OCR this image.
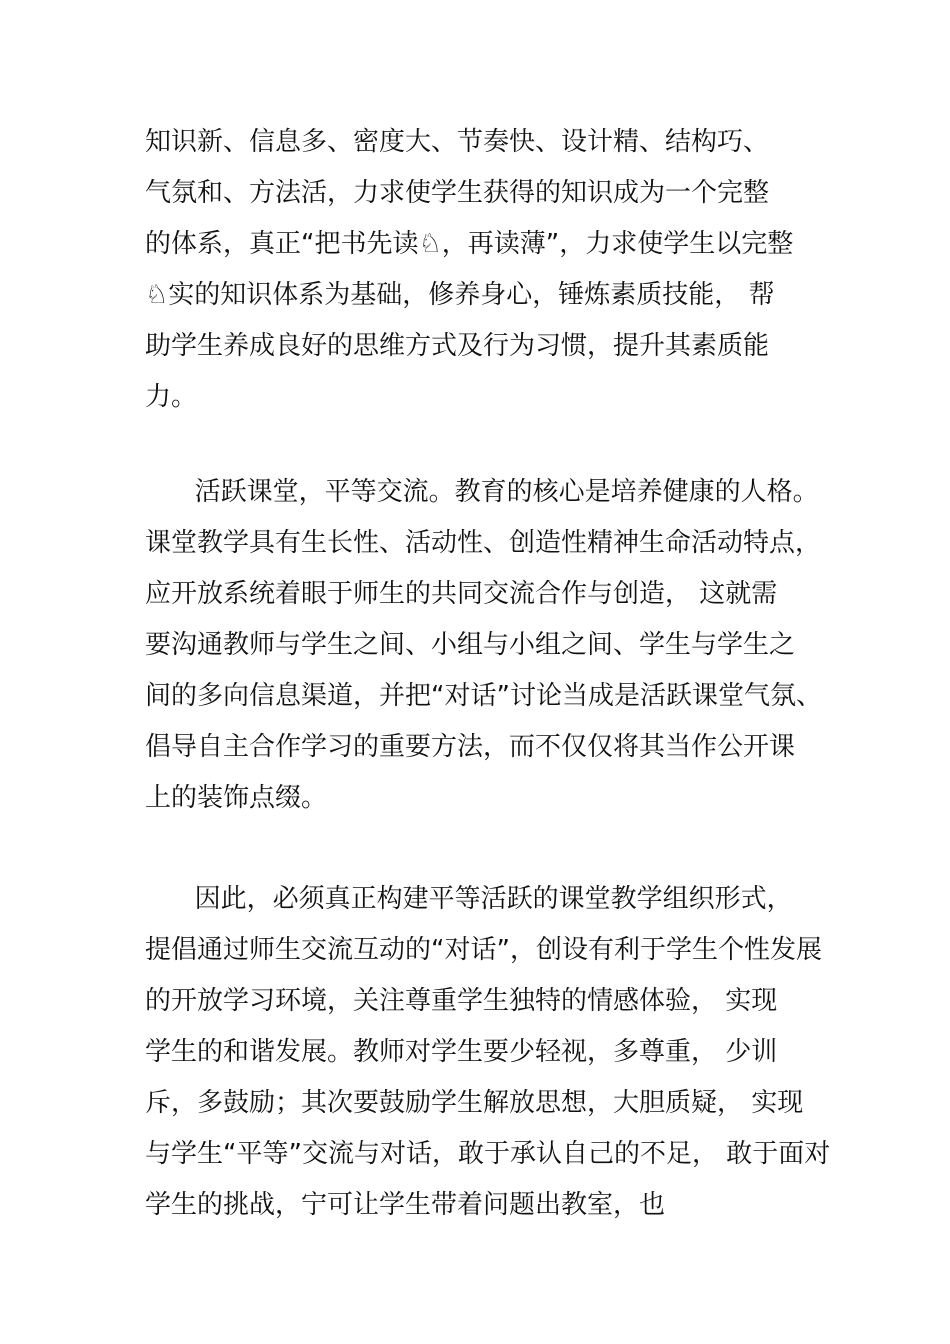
知识新、信息多、密度大、节奏快、设计精、结构巧、
气氛和、方法活，力求使学生获得的知识成为一个完整
的体系，真正“把书先读♘，再读薄”，力求使学生以完整
♘实的知识体系为基础，修养身心，锤炼素质技能， 帮
助学生养成良好的思维方式及行为习惯，提升其素质能
力。
活跃课堂，平等交流。教育的核心是培养健康的人格。
课堂教学具有生长性、活动性、创造性精神生命活动特点，
应开放系统着眼于师生的共同交流合作与创造， 这就需
要沟通教师与学生之间、小组与小组之间、学生与学生之
间的多向信息渠道，并把“对话”讨论当成是活跃课堂气氛、
倡导自主合作学习的重要方法，而不仅仅将其当作公开课
上的装饰点缀。
因此，必须真正构建平等活跃的课堂教学组织形式，
提倡通过师生交流互动的“对话”，创设有利于学生个性发展
的开放学习环境，关注尊重学生独特的情感体验， 实现
学生的和谐发展。教师对学生要少轻视，多尊重， 少训
斥，多鼓励；其次要鼓励学生解放思想，大胆质疑， 实现
与学生“平等”交流与对话，敢于承认自己的不足， 敢于面对
学生的挑战，宁可让学生带着问题出教室，也
